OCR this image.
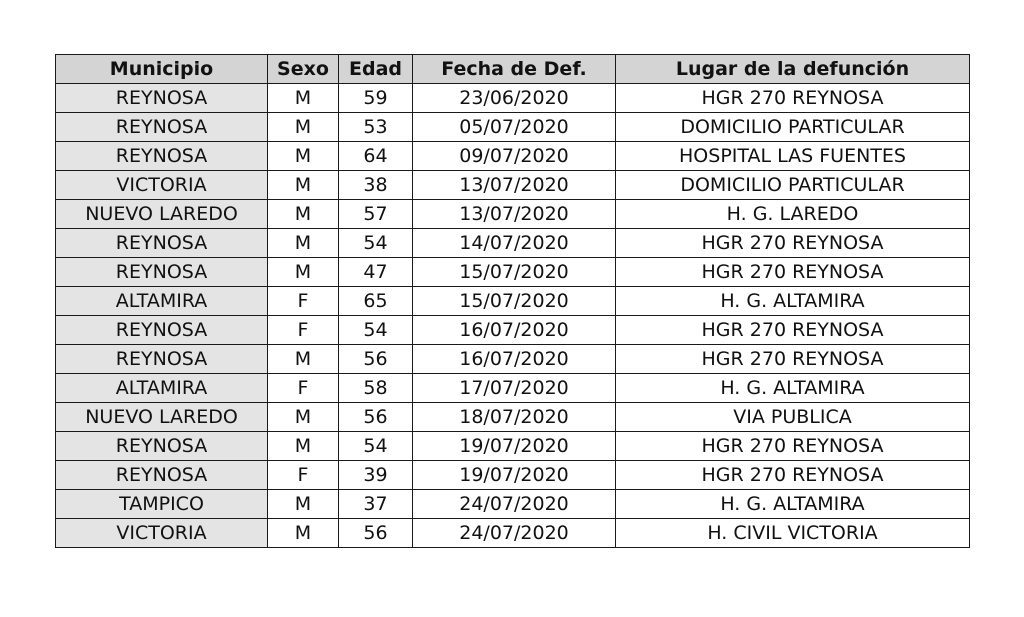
Municipio	Sexo	Edad	Fecha de Def.	Lugar de la defunción
REYNOSA	M	59	23/06/2020	HGR 270 REYNOSA
REYNOSA	M	53	05/07/2020	DOMICILIO PARTICULAR
REYNOSA	M	64	09/07/2020	HOSPITAL LAS FUENTES
VICTORIA	M	38	13/07/2020	DOMICILIO PARTICULAR
NUEVO LAREDO	M	57	13/07/2020	H. G. LAREDO
REYNOSA	M	54	14/07/2020	HGR 270 REYNOSA
REYNOSA	M	47	15/07/2020	HGR 270 REYNOSA
ALTAMIRA	F	65	15/07/2020	H. G. ALTAMIRA
REYNOSA	F	54	16/07/2020	HGR 270 REYNOSA
REYNOSA	M	56	16/07/2020	HGR 270 REYNOSA
ALTAMIRA	F	58	17/07/2020	H. G. ALTAMIRA
NUEVO LAREDO	M	56	18/07/2020	VIA PUBLICA
REYNOSA	M	54	19/07/2020	HGR 270 REYNOSA
REYNOSA	F	39	19/07/2020	HGR 270 REYNOSA
TAMPICO	M	37	24/07/2020	H. G. ALTAMIRA
VICTORIA	M	56	24/07/2020	H. CIVIL VICTORIA
